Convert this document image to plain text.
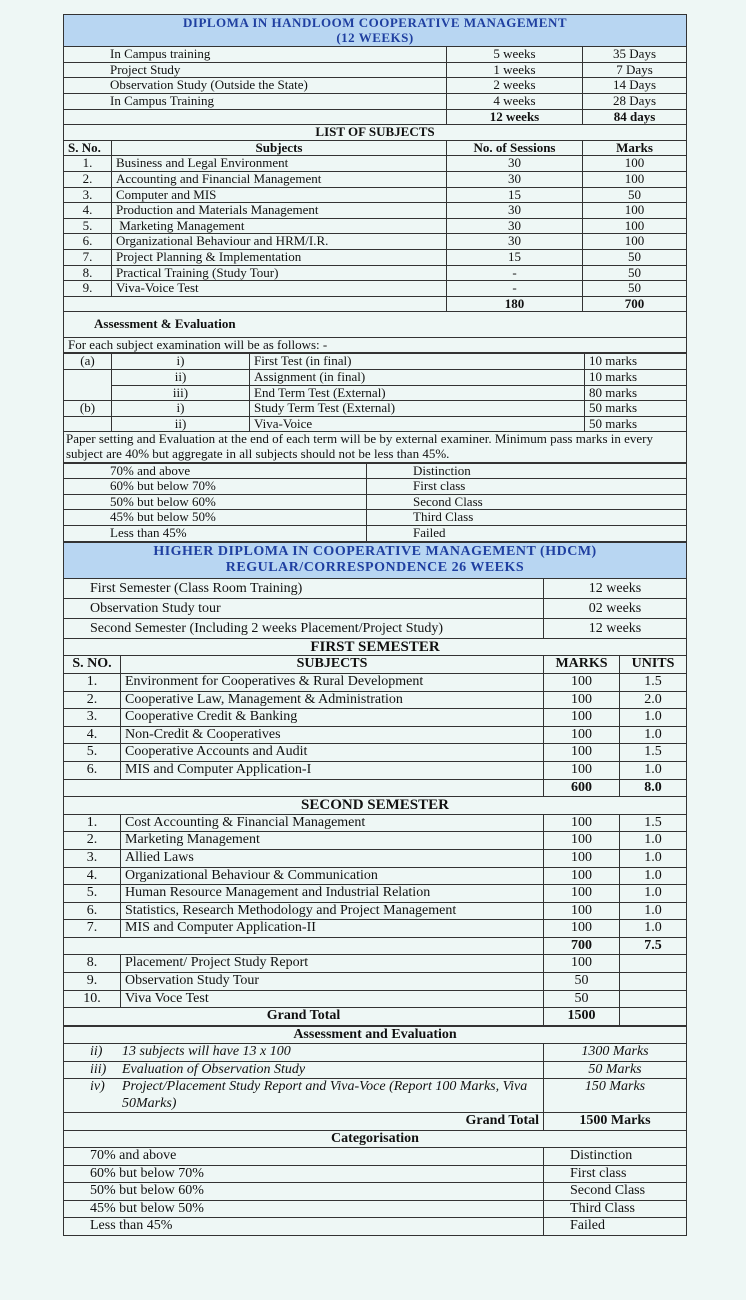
DIPLOMA IN HANDLOOM COOPERATIVE MANAGEMENT
(12 WEEKS)			

In Campus training		5 weeks	35 Days
Project Study		1 weeks	7 Days
Observation Study (Outside the State)		2 weeks	14 Days
In Campus Training		4 weeks	28 Days
		12 weeks	84 days
LIST OF SUBJECTS			
S. No.	Subjects	No. of Sessions	Marks
1.	Business and Legal Environment	30	100
2.	Accounting and Financial Management	30	100
3.	Computer and MIS	15	50
4.	Production and Materials Management	30	100
5.	Marketing Management	30	100
6.	Organizational Behaviour and HRM/I.R.	30	100
7.	Project Planning & Implementation	15	50
8.	Practical Training (Study Tour)	-	50
9.	Viva-Voice Test	-	50
		180	700
Assessment & Evaluation			
For each subject examination will be as follows: -			
(a)	i)	First Test (in final)	10 marks
	ii)	Assignment (in final)	10 marks
	iii)	End Term Test (External)	80 marks
(b)	i)	Study Term Test (External)	50 marks
	ii)	Viva-Voice	50 marks
Paper setting and Evaluation at the end of each term will be by external examiner. Minimum pass marks in every subject are 40% but aggregate in all subjects should not be less than 45%.			
70% and above	Distinction
60% but below 70%	First class
50% but below 60%	Second Class
45% but below 50%	Third Class
Less than 45%	Failed
HIGHER DIPLOMA IN COOPERATIVE MANAGEMENT (HDCM)
REGULAR/CORRESPONDENCE 26 WEEKS			

First Semester (Class Room Training)		12 weeks	
Observation Study tour		02 weeks	
Second Semester (Including 2 weeks Placement/Project Study)		12 weeks	
FIRST SEMESTER			
S. NO.	SUBJECTS	MARKS	UNITS
1.	Environment for Cooperatives & Rural Development	100	1.5
2.	Cooperative Law, Management & Administration	100	2.0
3.	Cooperative Credit & Banking	100	1.0
4.	Non-Credit & Cooperatives	100	1.0
5.	Cooperative Accounts and Audit	100	1.5
6.	MIS and Computer Application-I	100	1.0
		600	8.0
SECOND SEMESTER			
1.	Cost Accounting & Financial Management	100	1.5
2.	Marketing Management	100	1.0
3.	Allied Laws	100	1.0
4.	Organizational Behaviour & Communication	100	1.0
5.	Human Resource Management and Industrial Relation	100	1.0
6.	Statistics, Research Methodology and Project Management	100	1.0
7.	MIS and Computer Application-II	100	1.0
		700	7.5
8.	Placement/ Project Study Report	100	
9.	Observation Study Tour	50	
10.	Viva Voce Test	50	
Grand Total		1500	
Assessment and Evaluation	
ii) 13 subjects will have 13 x 100	1300 Marks
iii) Evaluation of Observation Study	50 Marks
iv) Project/Placement Study Report and Viva-Voce (Report 100 Marks, Viva 50Marks)	150 Marks
Grand Total	1500 Marks
Categorisation	
70% and above	Distinction
60% but below 70%	First class
50% but below 60%	Second Class
45% but below 50%	Third Class
Less than 45%	Failed
